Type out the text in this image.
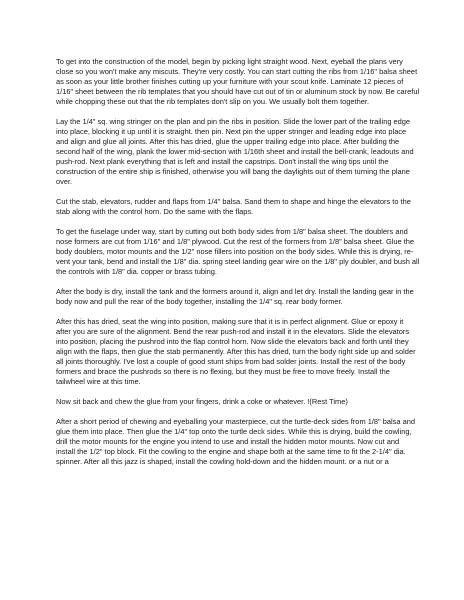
To get into the construction of the model, begin by picking light straight wood. Next, eyeball the plans very close so you won't make any miscuts. They're very costly. You can start cutting the ribs from 1/16" balsa sheet as soon as your little brother finishes cutting up your furniture with your scout knife. Laminate 12 pieces of 1/16" sheet between the rib templates that you should have cut out of tin or aluminum stock by now. Be careful while chopping these out that the rib templates don't slip on you. We usually bolt them together.

Lay the 1/4" sq. wing stringer on the plan and pin the ribs in position. Slide the lower part of the trailing edge into place, blocking it up until it is straight. then pin. Next pin the upper stringer and leading edge into place and align and glue all joints. After this has dried, glue the upper trailing edge into place. After building the second half of the wing, plank the lower mid-section with 1/16th sheet and install the bell-crank, leadouts and push-rod. Next plank everything that is left and install the capstrips. Don't install the wing tips until the construction of the entire ship is finished, otherwise you will bang the daylights out of them turning the plane over.

Cut the stab, elevators, rudder and flaps from 1/4" balsa. Sand them to shape and hinge the elevators to the stab along with the control horn. Do the same with the flaps.

To get the fuselage under way, start by cutting out both body sides from 1/8" balsa sheet. The doublers and nose formers are cut from 1/16" and 1/8" plywood. Cut the rest of the formers from 1/8" balsa sheet. Glue the body doublers, motor mounts and the 1/2" nose fillers into position on the body sides. While this is drying, re-vent your tank, bend and install the 1/8" dia. spring steel landing gear wire on the 1/8" ply doubler, and bush all the controls with 1/8" dia. copper or brass tubing.

After the body is dry, install the tank and the formers around it, align and let dry. Install the landing gear in the body now and pull the rear of the body together, installing the 1/4" sq. rear body former.

After this has dried, seat the wing into position, making sure that it is in perfect alignment. Glue or epoxy it after you are sure of the alignment. Bend the rear push-rod and install it in the elevators. Slide the elevators into position, placing the pushrod into the flap control horn. Now slide the elevators back and forth until they align with the flaps, then glue the stab permanently. After this has dried, turn the body right side up and solder all joints thoroughly. I've lost a couple of good stunt ships from bad solder joints. Install the rest of the body formers and brace the pushrods so there is no flexing, but they must be free to move freely. Install the tailwheel wire at this time.

Now sit back and chew the glue from your fingers, drink a coke or whatever. !(Rest Time)

After a short period of chewing and eyeballing your masterpiece, cut the turtle-deck sides from 1/8" balsa and glue them into place. Then glue the 1/4" top onto the turtle deck sides. While this is drying, build the cowling, drill the motor mounts for the engine you intend to use and install the hidden motor mounts. Now cut and install the 1/2" top block. Fit the cowling to the engine and shape both at the same time to fit the 2-1/4" dia. spinner. After all this jazz is shaped, install the cowling hold-down and the hidden mount. or a nut or a
